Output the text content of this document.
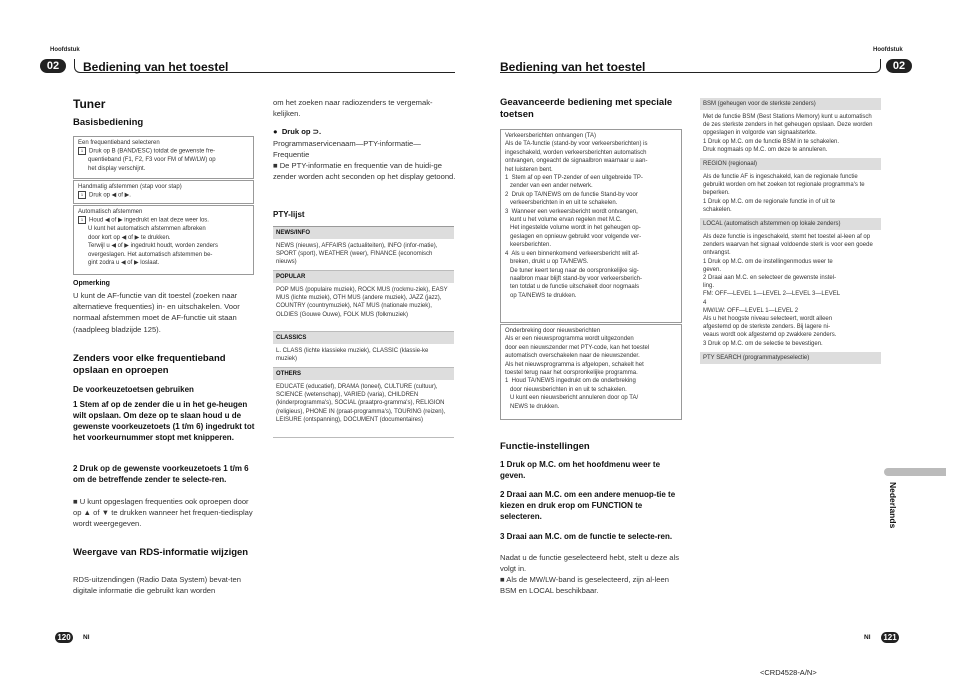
Hoofdstuk
02	Bediening van het toestel
Hoofdstuk
Bediening van het toestel	02
Tuner
Basisbediening
Een frequentieband selecteren
1 Druk op B (BAND/ESC) totdat de gewenste fre-
quentieband (F1, F2, F3 voor FM of MW/LW) op
het display verschijnt.
Handmatig afstemmen (stap voor stap)
1 Druk op ◀ of ▶.
Automatisch afstemmen
1 Houd ◀ of ▶ ingedrukt en laat deze weer los.
U kunt het automatisch afstemmen afbreken
door kort op ◀ of ▶ te drukken.
Terwijl u ◀ of ▶ ingedrukt houdt, worden zenders
overgeslagen. Het automatisch afstemmen be-
gint zodra u ◀ of ▶ loslaat.
Opmerking
U kunt de AF-functie van dit toestel (zoeken naar alternatieve frequenties) in- en uitschakelen. Voor normaal afstemmen moet de AF-functie uit staan (raadpleeg bladzijde 125).
Zenders voor elke frequentieband opslaan en oproepen
De voorkeuzetoetsen gebruiken
1 Stem af op de zender die u in het ge-heugen wilt opslaan. Om deze op te slaan houd u de gewenste voorkeuzetoets (1 t/m 6) ingedrukt tot het voorkeurnummer stopt met knipperen.
2 Druk op de gewenste voorkeuzetoets 1 t/m 6 om de betreffende zender te selecte-ren.
■ U kunt opgeslagen frequenties ook oproepen door op ▲ of ▼ te drukken wanneer het frequen-tiedisplay wordt weergegeven.
Weergave van RDS-informatie wijzigen
RDS-uitzendingen (Radio Data System) bevat-ten digitale informatie die gebruikt kan worden
om het zoeken naar radiozenders te vergemak-kelijken.
●  Druk op ⊃.
Programmaservicenaam—PTY-informatie—Frequentie
■ De PTY-informatie en frequentie van de huidi-ge zender worden acht seconden op het display getoond.
PTY-lijst
NEWS/INFO
NEWS (nieuws), AFFAIRS (actualiteiten), INFO (infor-matie), SPORT (sport), WEATHER (weer), FINANCE (economisch nieuws)
POPULAR
POP MUS (populaire muziek), ROCK MUS (rockmu-ziek), EASY MUS (lichte muziek), OTH MUS (andere muziek), JAZZ (jazz), COUNTRY (countrymuziek), NAT MUS (nationale muziek), OLDIES (Gouwe Ouwe), FOLK MUS (folkmuziek)
CLASSICS
L. CLASS (lichte klassieke muziek), CLASSIC (klassie-ke muziek)
OTHERS
EDUCATE (educatief), DRAMA (toneel), CULTURE (cultuur), SCIENCE (wetenschap), VARIED (varia), CHILDREN (kinderprogramma's), SOCIAL (praatpro-gramma's), RELIGION (religieus), PHONE IN (praat-programma's), TOURING (reizen), LEISURE (ontspanning), DOCUMENT (documentaires)
Geavanceerde bediening met speciale toetsen
Verkeersberichten ontvangen (TA)
Als de TA-functie (stand-by voor verkeersberichten) is
ingeschakeld, worden verkeersberichten automatisch
ontvangen, ongeacht de signaalbron waarnaar u aan-
het luisteren bent.
1  Stem af op een TP-zender of een uitgebreide TP-
zender van een ander netwerk.
2  Druk op TA/NEWS om de functie Stand-by voor
verkeersberichten in en uit te schakelen.
3  Wanneer een verkeersbericht wordt ontvangen,
kunt u het volume ervan regelen met M.C.
Het ingestelde volume wordt in het geheugen op-
geslagen en opnieuw gebruikt voor volgende ver-
keersberichten.
4  Als u een binnenkomend verkeersbericht wilt af-
breken, drukt u op TA/NEWS.
De tuner keert terug naar de oorspronkelijke sig-
naalbron maar blijft stand-by voor verkeersberich-
ten totdat u de functie uitschakelt door nogmaals
op TA/NEWS te drukken.
Onderbreking door nieuwsberichten
Als er een nieuwsprogramma wordt uitgezonden
door een nieuwszender met PTY-code, kan het toestel
automatisch overschakelen naar de nieuwszender.
Als het nieuwsprogramma is afgelopen, schakelt het
toestel terug naar het oorspronkelijke programma.
1  Houd TA/NEWS ingedrukt om de onderbreking
door nieuwsberichten in en uit te schakelen.
U kunt een nieuwsbericht annuleren door op TA/
NEWS te drukken.
Functie-instellingen
1 Druk op M.C. om het hoofdmenu weer te geven.
2 Draai aan M.C. om een andere menuop-tie te kiezen en druk erop om FUNCTION te selecteren.
3 Draai aan M.C. om de functie te selecte-ren.
Nadat u de functie geselecteerd hebt, stelt u deze als volgt in.
■ Als de MW/LW-band is geselecteerd, zijn al-leen BSM en LOCAL beschikbaar.
BSM (geheugen voor de sterkste zenders)
Met de functie BSM (Best Stations Memory) kunt u automatisch de zes sterkste zenders in het geheugen opslaan. Deze worden opgeslagen in volgorde van signaalsterkte.
1 Druk op M.C. om de functie BSM in te schakelen.
Druk nogmaals op M.C. om deze te annuleren.
REGION (regionaal)
Als de functie AF is ingeschakeld, kan de regionale functie gebruikt worden om het zoeken tot regionale programma's te beperken.
1 Druk op M.C. om de regionale functie in of uit te
schakelen.
LOCAL (automatisch afstemmen op lokale zenders)
Als deze functie is ingeschakeld, stemt het toestel al-leen af op zenders waarvan het signaal voldoende sterk is voor een goede ontvangst.
1 Druk op M.C. om de instellingenmodus weer te
geven.
2 Draai aan M.C. en selecteer de gewenste instel-
ling.
FM: OFF—LEVEL 1—LEVEL 2—LEVEL 3—LEVEL
4
MW/LW: OFF—LEVEL 1—LEVEL 2
Als u het hoogste niveau selecteert, wordt alleen
afgestemd op de sterkste zenders. Bij lagere ni-
veaus wordt ook afgestemd op zwakkere zenders.
3 Druk op M.C. om de selectie te bevestigen.
PTY SEARCH (programmatypeselectie)
Nederlands
120	Nl	Nl 121
<CRD4528-A/N>
